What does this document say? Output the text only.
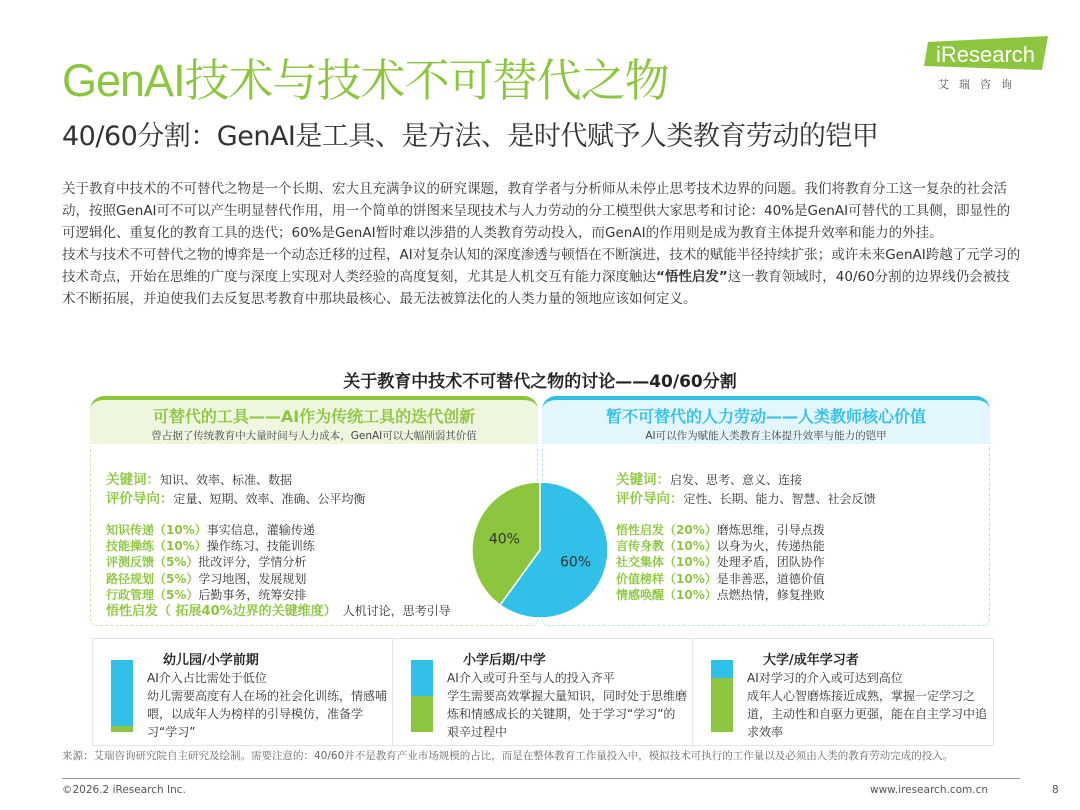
GenAI技术与技术不可替代之物
40/60分割：GenAI是工具、是方法、是时代赋予人类教育劳动的铠甲
iResearch
艾瑞咨询

关于教育中技术的不可替代之物是一个长期、宏大且充满争议的研究课题，教育学者与分析师从未停止思考技术边界的问题。我们将教育分工这一复杂的社会活动，按照GenAI可不可以产生明显替代作用，用一个简单的饼图来呈现技术与人力劳动的分工模型供大家思考和讨论：40%是GenAI可替代的工具侧，即显性的可逻辑化、重复化的教育工具的迭代；60%是GenAI暂时难以涉猎的人类教育劳动投入，而GenAI的作用则是成为教育主体提升效率和能力的外挂。

技术与技术不可替代之物的博弈是一个动态迁移的过程，AI对复杂认知的深度渗透与顿悟在不断演进，技术的赋能半径持续扩张；或许未来GenAI跨越了元学习的技术奇点，开始在思维的广度与深度上实现对人类经验的高度复刻，尤其是人机交互有能力深度触达“悟性启发”这一教育领域时，40/60分割的边界线仍会被技术不断拓展，并迫使我们去反复思考教育中那块最核心、最无法被算法化的人类力量的领地应该如何定义。

关于教育中技术不可替代之物的讨论——40/60分割
可替代的工具——AI作为传统工具的迭代创新
曾占据了传统教育中大量时间与人力成本，GenAI可以大幅削弱其价值
暂不可替代的人力劳动——人类教师核心价值
AI可以作为赋能人类教育主体提升效率与能力的铠甲
关键词：知识、效率、标准、数据
评价导向：定量、短期、效率、准确、公平均衡
知识传递（10%）事实信息，灌输传递
技能操练（10%）操作练习、技能训练
评测反馈（5%）批改评分，学情分析
路径规划（5%）学习地图，发展规划
行政管理（5%）后勤事务，统筹安排
悟性启发（ 拓展40%边界的关键维度） 人机讨论，思考引导
关键词：启发、思考、意义、连接
评价导向：定性、长期、能力、智慧、社会反馈
悟性启发（20%）磨炼思维，引导点拨
言传身教（10%）以身为火，传递热能
社交集体（10%）处理矛盾，团队协作
价值榜样（10%）是非善恶，道德价值
情感唤醒（10%）点燃热情，修复挫败
60%
40%
幼儿园/小学前期
AI介入占比需处于低位
幼儿需要高度有人在场的社会化训练，情感哺喂，以成年人为榜样的引导模仿，准备学习“学习”
小学后期/中学
AI介入或可升至与人的投入齐平
学生需要高效掌握大量知识，同时处于思维磨炼和情感成长的关键期，处于学习“学习”的艰辛过程中
大学/成年学习者
AI对学习的介入或可达到高位
成年人心智磨炼接近成熟，掌握一定学习之道，主动性和自驱力更强，能在自主学习中追求效率
来源：艾瑞咨询研究院自主研究及绘制。需要注意的：40/60并不是教育产业市场规模的占比，而是在整体教育工作量投入中，模拟技术可执行的工作量以及必须由人类的教育劳动完成的投入。
©2026.2 iResearch Inc.	www.iresearch.com.cn	8
